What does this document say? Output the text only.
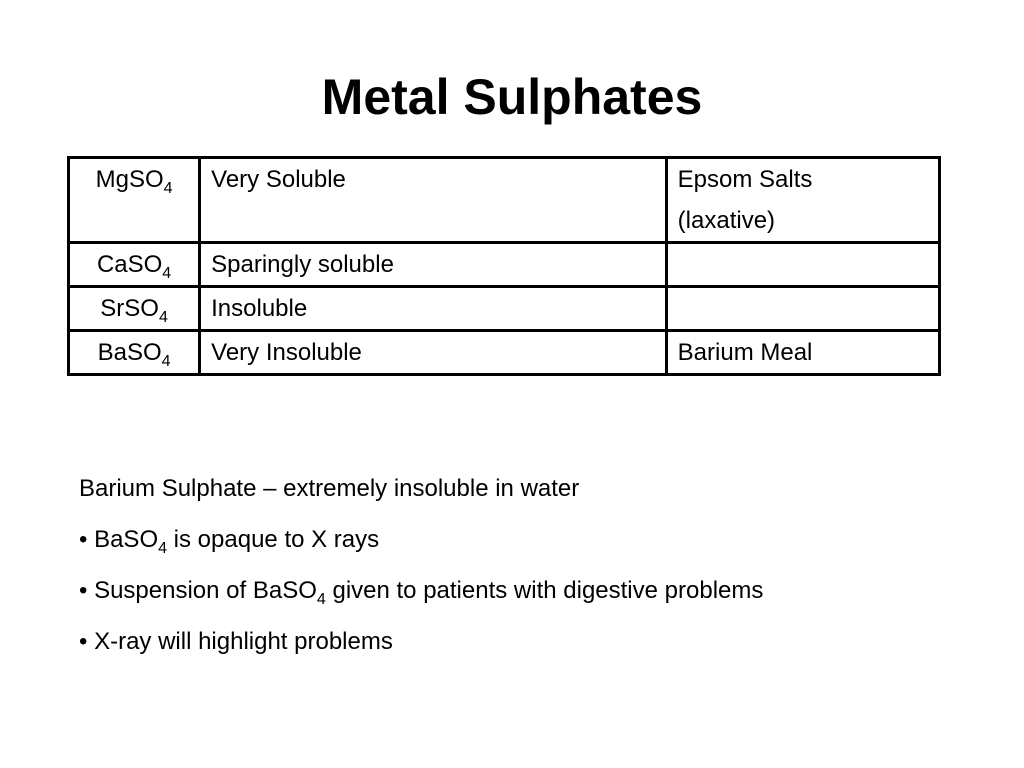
Metal Sulphates
MgSO$_4$	Very Soluble	Epsom Salts
(laxative)

CaSO$_4$	Sparingly soluble	
SrSO$_4$	Insoluble	
BaSO$_4$	Very Insoluble	Barium Meal
Barium Sulphate – extremely insoluble in water
• BaSO$_4$ is opaque to X rays
• Suspension of BaSO$_4$ given to patients with digestive problems
• X-ray will highlight problems
